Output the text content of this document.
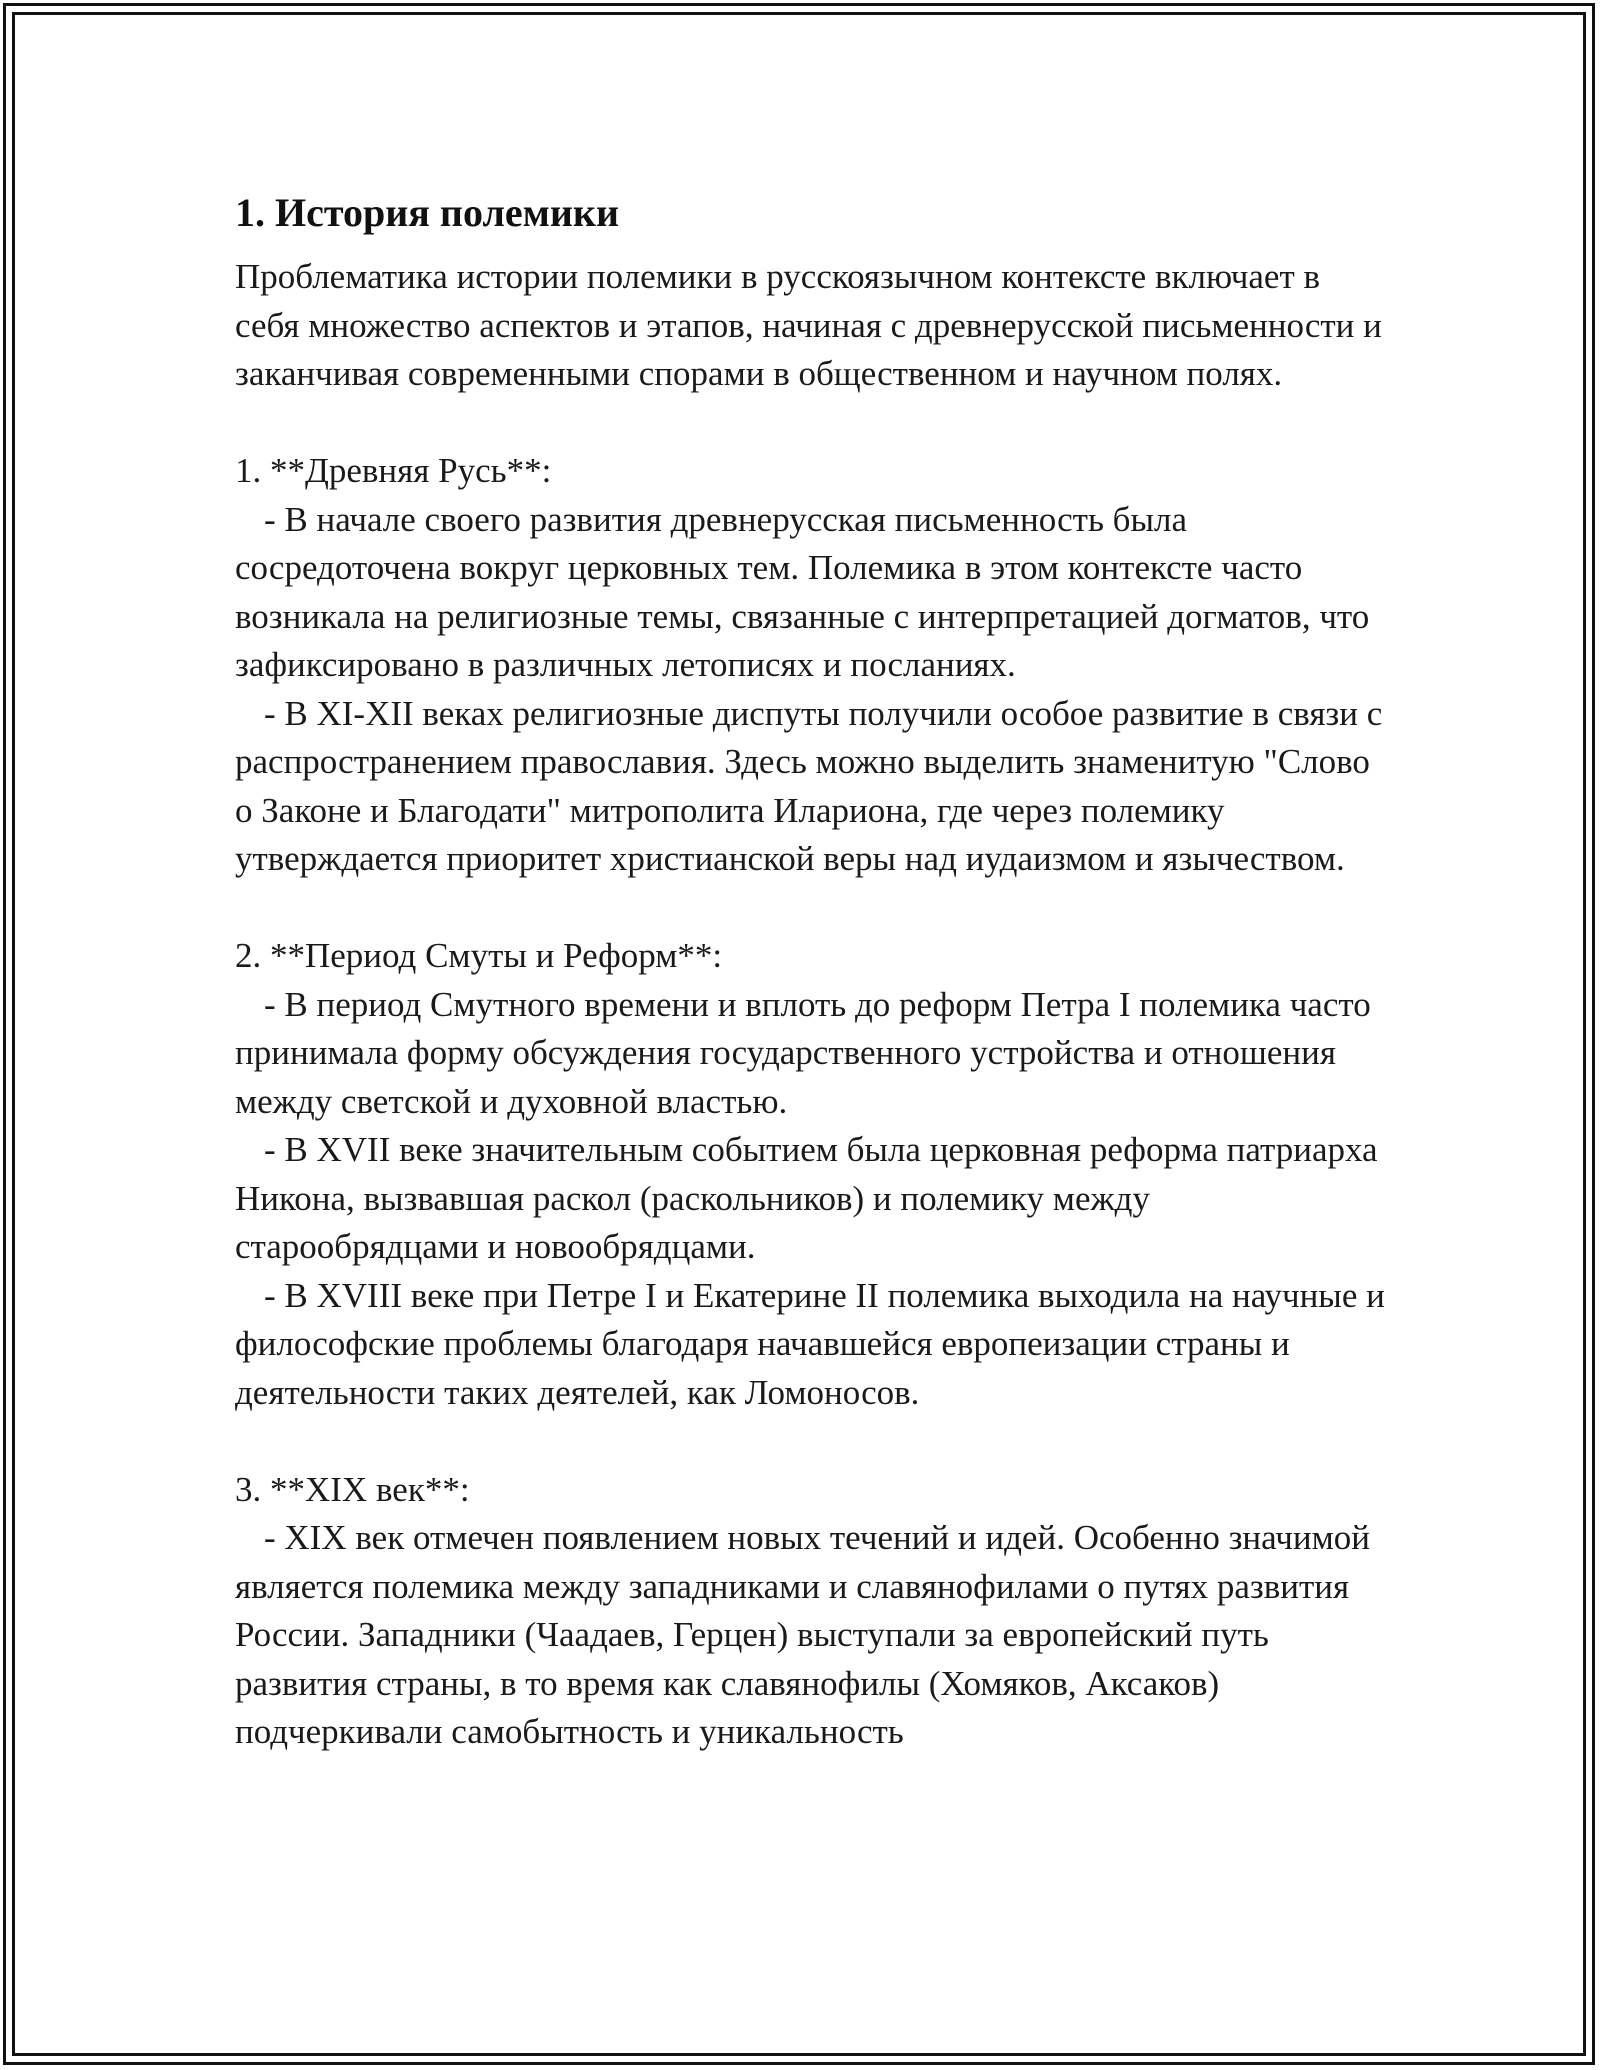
1. История полемики

Проблематика истории полемики в русскоязычном контексте включает в себя множество аспектов и этапов, начиная с древнерусской письменности и заканчивая современными спорами в общественном и научном полях.

1. **Древняя Русь**:

- В начале своего развития древнерусская письменность была сосредоточена вокруг церковных тем. Полемика в этом контексте часто возникала на религиозные темы, связанные с интерпретацией догматов, что зафиксировано в различных летописях и посланиях.

- В XI-XII веках религиозные диспуты получили особое развитие в связи с распространением православия. Здесь можно выделить знаменитую "Слово о Законе и Благодати" митрополита Илариона, где через полемику утверждается приоритет христианской веры над иудаизмом и язычеством.

2. **Период Смуты и Реформ**:

- В период Смутного времени и вплоть до реформ Петра I полемика часто принимала форму обсуждения государственного устройства и отношения между светской и духовной властью.

- В XVII веке значительным событием была церковная реформа патриарха Никона, вызвавшая раскол (раскольников) и полемику между старообрядцами и новообрядцами.

- В XVIII веке при Петре I и Екатерине II полемика выходила на научные и философские проблемы благодаря начавшейся европеизации страны и деятельности таких деятелей, как Ломоносов.

3. **XIX век**:

- XIX век отмечен появлением новых течений и идей. Особенно значимой является полемика между западниками и славянофилами о путях развития России. Западники (Чаадаев, Герцен) выступали за европейский путь развития страны, в то время как славянофилы (Хомяков, Аксаков) подчеркивали самобытность и уникальность
